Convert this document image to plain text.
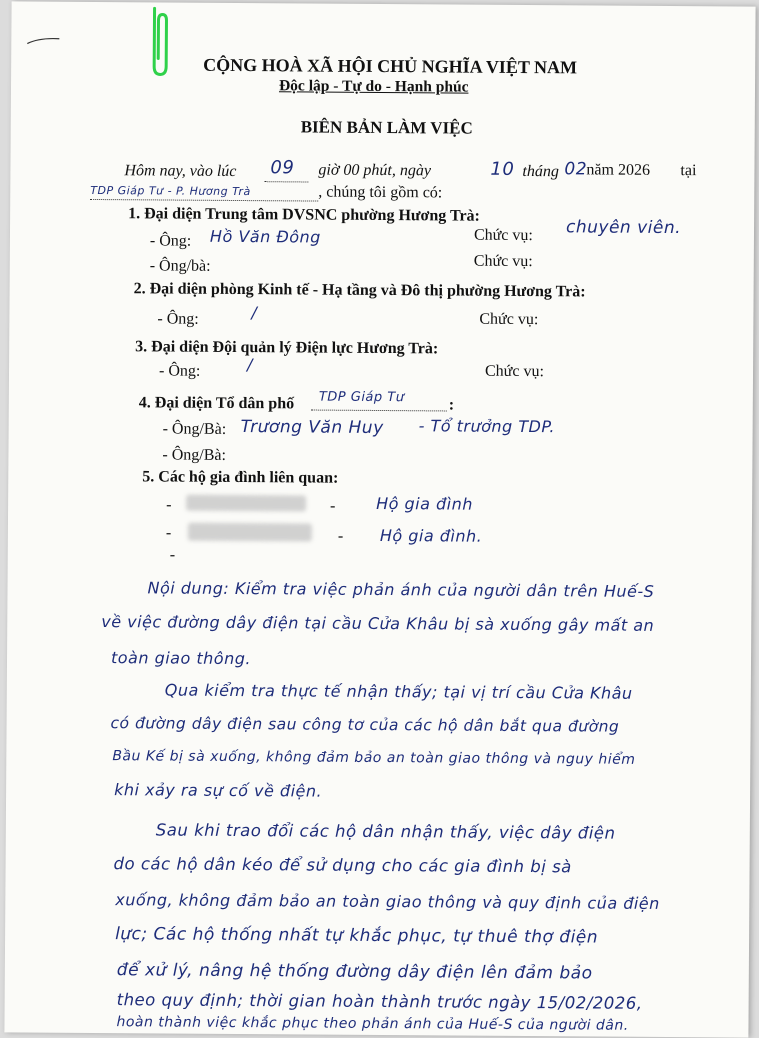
CỘNG HOÀ XÃ HỘI CHỦ NGHĨA VIỆT NAM
Độc lập - Tự do - Hạnh phúc
BIÊN BẢN LÀM VIỆC
Hôm nay, vào lúc 09 giờ 00 phút, ngày	10 tháng 02 năm 2026 tại
TDP Giáp Tư - P. Hương Trà	, chúng tôi gồm có:
1. Đại diện Trung tâm DVSNC phường Hương Trà:
- Ông: Hồ Văn Đông	Chức vụ: chuyên viên.
- Ông/bà:	Chức vụ:
2. Đại diện phòng Kinh tế - Hạ tầng và Đô thị phường Hương Trà:
- Ông:	/	Chức vụ:
3. Đại diện Đội quản lý Điện lực Hương Trà:
- Ông:	/	Chức vụ:
4. Đại diện Tổ dân phố TDP Giáp Tư	:
- Ông/Bà: Trương Văn Huy - Tổ trưởng TDP.
- Ông/Bà:
5. Các hộ gia đình liên quan:
-	-	Hộ gia đình
-	- Hộ gia đình.
-
Nội dung: Kiểm tra việc phản ánh của người dân trên Huế-S
về việc đường dây điện tại cầu Cửa Khâu bị sà xuống gây mất an
toàn giao thông.
Qua kiểm tra thực tế nhận thấy; tại vị trí cầu Cửa Khâu
có đường dây điện sau công tơ của các hộ dân bắt qua đường
Bầu Kế bị sà xuống, không đảm bảo an toàn giao thông và nguy hiểm
khi xảy ra sự cố về điện.
Sau khi trao đổi các hộ dân nhận thấy, việc dây điện
do các hộ dân kéo để sử dụng cho các gia đình bị sà
xuống, không đảm bảo an toàn giao thông và quy định của điện
lực; Các hộ thống nhất tự khắc phục, tự thuê thợ điện
để xử lý, nâng hệ thống đường dây điện lên đảm bảo
theo quy định; thời gian hoàn thành trước ngày 15/02/2026,
hoàn thành việc khắc phục theo phản ánh của Huế-S của người dân.
